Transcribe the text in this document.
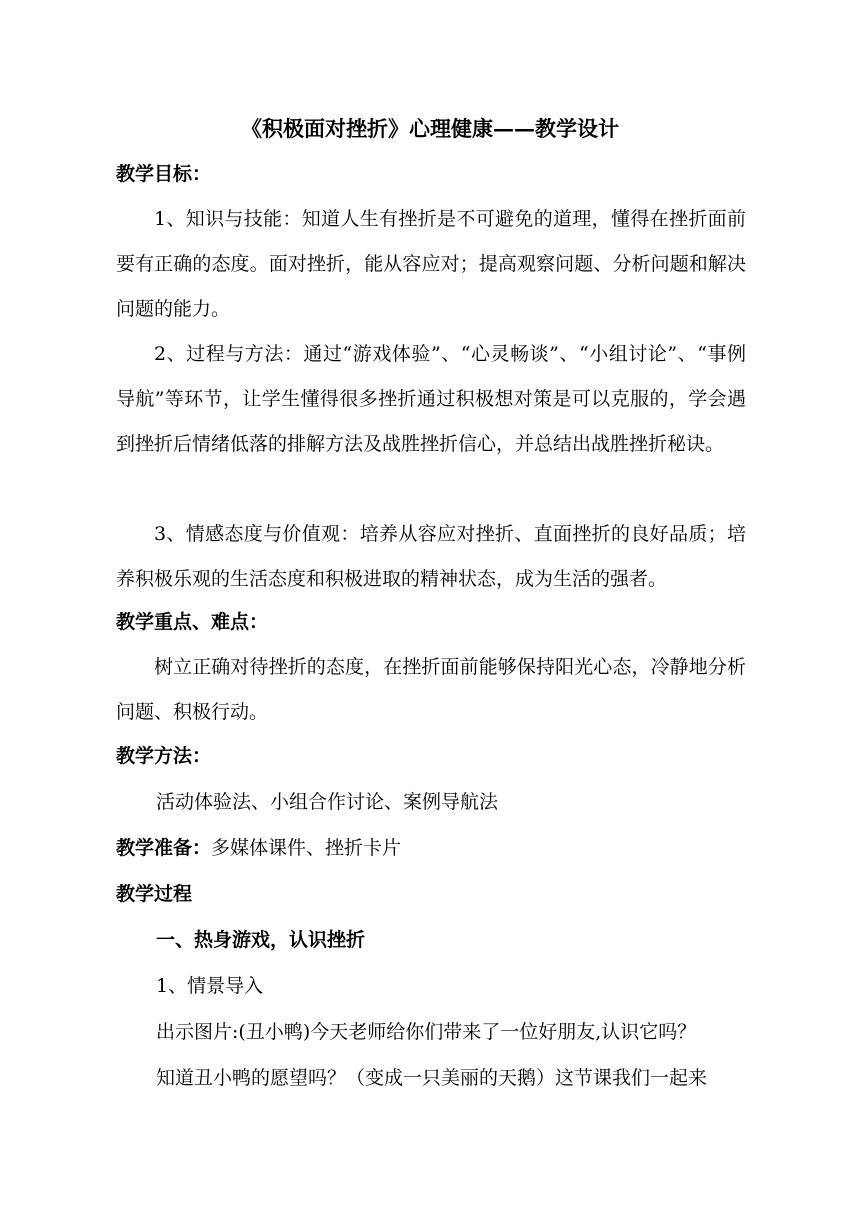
《积极面对挫折》心理健康——教学设计
教学目标：
1、知识与技能：知道人生有挫折是不可避免的道理，懂得在挫折面前要有正确的态度。面对挫折，能从容应对；提高观察问题、分析问题和解决问题的能力。
2、过程与方法：通过“游戏体验”、“心灵畅谈”、“小组讨论”、“事例导航”等环节，让学生懂得很多挫折通过积极想对策是可以克服的，学会遇到挫折后情绪低落的排解方法及战胜挫折信心，并总结出战胜挫折秘诀。
3、情感态度与价值观：培养从容应对挫折、直面挫折的良好品质；培养积极乐观的生活态度和积极进取的精神状态，成为生活的强者。
教学重点、难点：
树立正确对待挫折的态度，在挫折面前能够保持阳光心态，冷静地分析问题、积极行动。
教学方法：
活动体验法、小组合作讨论、案例导航法
教学准备：多媒体课件、挫折卡片
教学过程
一、热身游戏，认识挫折
1、情景导入
出示图片:(丑小鸭)今天老师给你们带来了一位好朋友,认识它吗？
知道丑小鸭的愿望吗？（变成一只美丽的天鹅）这节课我们一起来
